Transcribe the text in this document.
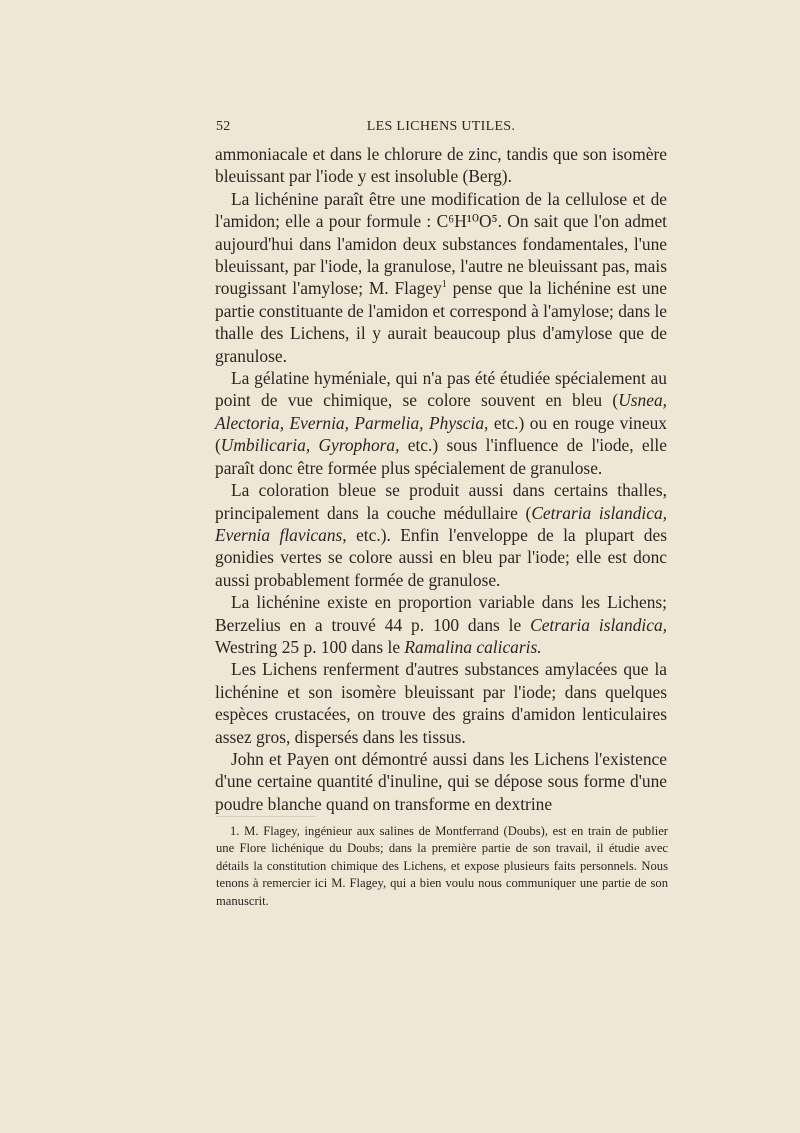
52	LES LICHENS UTILES.

ammoniacale et dans le chlorure de zinc, tandis que son isomère bleuissant par l'iode y est insoluble (Berg).

La lichénine paraît être une modification de la cellulose et de l'amidon; elle a pour formule : C⁶H¹⁰O⁵. On sait que l'on admet aujourd'hui dans l'amidon deux substances fondamentales, l'une bleuissant, par l'iode, la granulose, l'autre ne bleuissant pas, mais rougissant l'amylose; M. Flagey$^1$ pense que la lichénine est une partie constituante de l'amidon et correspond à l'amylose; dans le thalle des Lichens, il y aurait beaucoup plus d'amylose que de granulose.

La gélatine hyméniale, qui n'a pas été étudiée spécialement au point de vue chimique, se colore souvent en bleu (Usnea, Alectoria, Evernia, Parmelia, Physcia, etc.) ou en rouge vineux (Umbilicaria, Gyrophora, etc.) sous l'influence de l'iode, elle paraît donc être formée plus spécialement de granulose.

La coloration bleue se produit aussi dans certains thalles, principalement dans la couche médullaire (Cetraria islandica, Evernia flavicans, etc.). Enfin l'enveloppe de la plupart des gonidies vertes se colore aussi en bleu par l'iode; elle est donc aussi probablement formée de granulose.

La lichénine existe en proportion variable dans les Lichens; Berzelius en a trouvé 44 p. 100 dans le Cetraria islandica, Westring 25 p. 100 dans le Ramalina calicaris.

Les Lichens renferment d'autres substances amylacées que la lichénine et son isomère bleuissant par l'iode; dans quelques espèces crustacées, on trouve des grains d'amidon lenticulaires assez gros, dispersés dans les tissus.

John et Payen ont démontré aussi dans les Lichens l'existence d'une certaine quantité d'inuline, qui se dépose sous forme d'une poudre blanche quand on transforme en dextrine

1. M. Flagey, ingénieur aux salines de Montferrand (Doubs), est en train de publier une Flore lichénique du Doubs; dans la première partie de son travail, il étudie avec détails la constitution chimique des Lichens, et expose plusieurs faits personnels. Nous tenons à remercier ici M. Flagey, qui a bien voulu nous communiquer une partie de son manuscrit.
